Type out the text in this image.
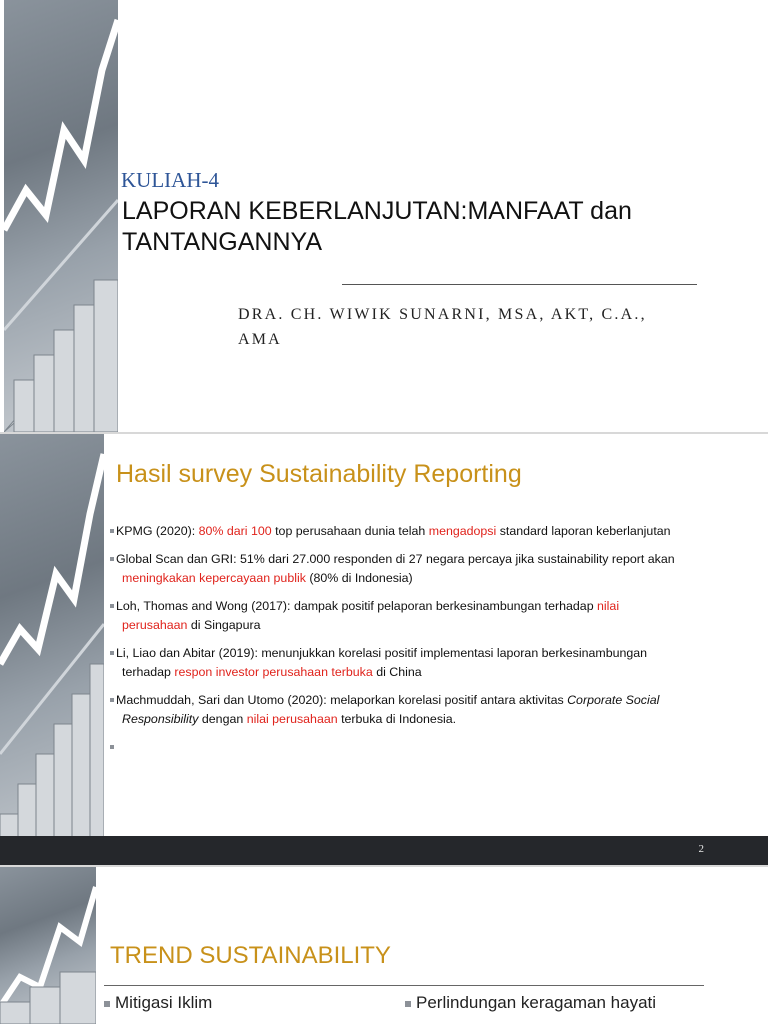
KULIAH-4
LAPORAN KEBERLANJUTAN:MANFAAT dan
TANTANGANNYA
DRA. CH. WIWIK SUNARNI, MSA, AKT, C.A.,
AMA
Hasil survey Sustainability Reporting
KPMG (2020): 80% dari 100 top perusahaan dunia telah mengadopsi standard laporan keberlanjutan
Global Scan dan GRI: 51% dari 27.000 responden di 27 negara percaya jika sustainability report akan
meningkakan kepercayaan publik (80% di Indonesia)
Loh, Thomas and Wong (2017): dampak positif pelaporan berkesinambungan terhadap nilai
perusahaan di Singapura
Li, Liao dan Abitar (2019): menunjukkan korelasi positif implementasi laporan berkesinambungan
terhadap respon investor perusahaan terbuka di China
Machmuddah, Sari dan Utomo (2020): melaporkan korelasi positif antara aktivitas Corporate Social
Responsibility dengan nilai perusahaan terbuka di Indonesia.
2
TREND SUSTAINABILITY
Mitigasi Iklim	Perlindungan keragaman hayati
